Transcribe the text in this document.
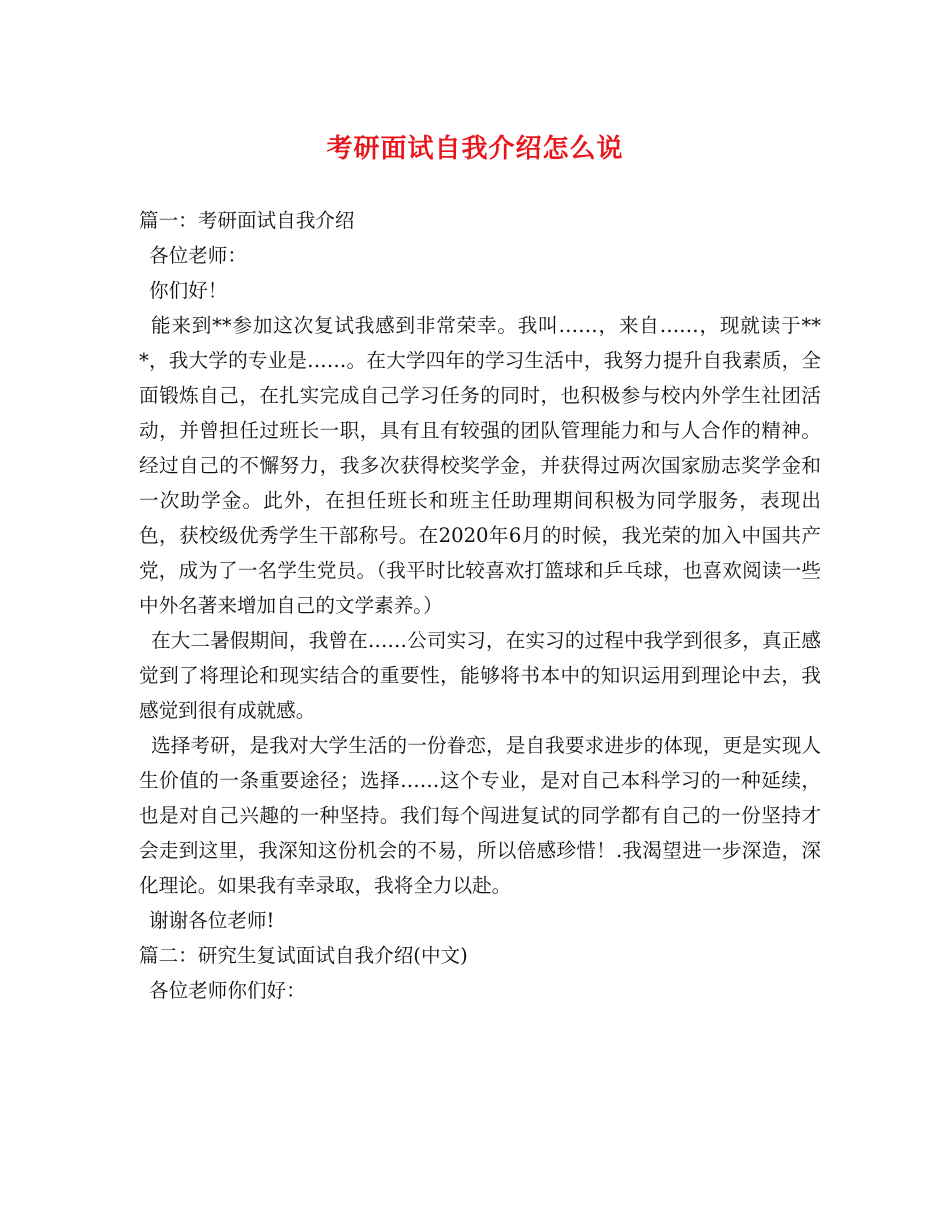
考研面试自我介绍怎么说

篇一：考研面试自我介绍

各位老师：

你们好！

能来到**参加这次复试我感到非常荣幸。我叫……，来自……，现就读于***，我大学的专业是……。在大学四年的学习生活中，我努力提升自我素质，全面锻炼自己，在扎实完成自己学习任务的同时，也积极参与校内外学生社团活动，并曾担任过班长一职，具有且有较强的团队管理能力和与人合作的精神。经过自己的不懈努力，我多次获得校奖学金，并获得过两次国家励志奖学金和一次助学金。此外，在担任班长和班主任助理期间积极为同学服务，表现出色，获校级优秀学生干部称号。在2020年6月的时候，我光荣的加入中国共产党，成为了一名学生党员。（我平时比较喜欢打篮球和乒乓球，也喜欢阅读一些中外名著来增加自己的文学素养。）

在大二暑假期间，我曾在……公司实习，在实习的过程中我学到很多，真正感觉到了将理论和现实结合的重要性，能够将书本中的知识运用到理论中去，我感觉到很有成就感。

选择考研，是我对大学生活的一份眷恋，是自我要求进步的体现，更是实现人生价值的一条重要途径；选择……这个专业，是对自己本科学习的一种延续，也是对自己兴趣的一种坚持。我们每个闯进复试的同学都有自己的一份坚持才会走到这里，我深知这份机会的不易，所以倍感珍惜！.我渴望进一步深造，深化理论。如果我有幸录取，我将全力以赴。

谢谢各位老师!

篇二：研究生复试面试自我介绍(中文)

各位老师你们好：
